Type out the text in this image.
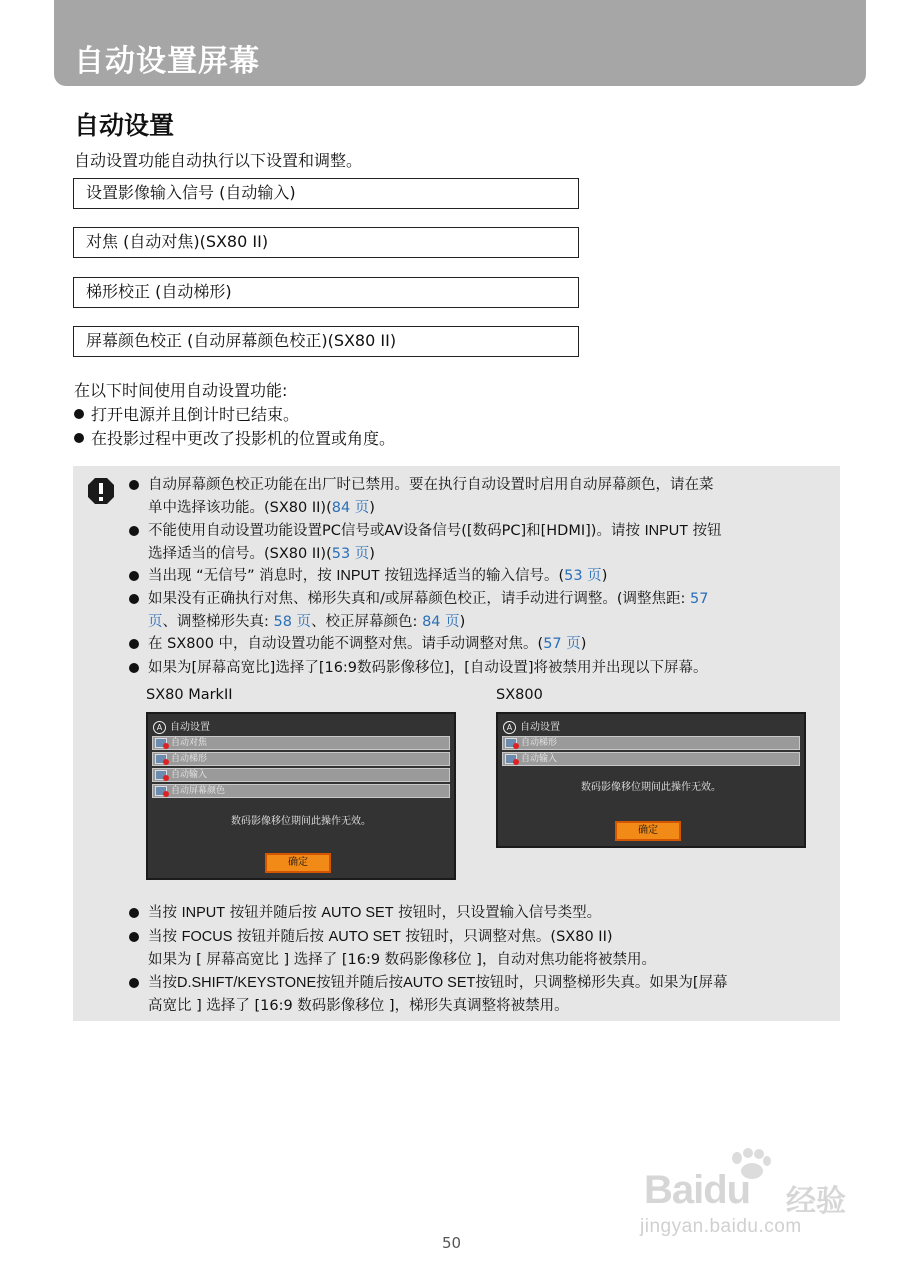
自动设置屏幕
自动设置
自动设置功能自动执行以下设置和调整。
设置影像输入信号 (自动输入)
对焦 (自动对焦)(SX80 II)
梯形校正 (自动梯形)
屏幕颜色校正 (自动屏幕颜色校正)(SX80 II)
在以下时间使用自动设置功能:
打开电源并且倒计时已结束。
在投影过程中更改了投影机的位置或角度。
自动屏幕颜色校正功能在出厂时已禁用。要在执行自动设置时启用自动屏幕颜色，请在菜
单中选择该功能。(SX80 II)(84 页)
不能使用自动设置功能设置PC信号或AV设备信号([数码PC]和[HDMI])。请按 INPUT 按钮
选择适当的信号。(SX80 II)(53 页)
当出现 “无信号” 消息时，按 INPUT 按钮选择适当的输入信号。(53 页)
如果没有正确执行对焦、梯形失真和/或屏幕颜色校正，请手动进行调整。(调整焦距: 57
页、调整梯形失真: 58 页、校正屏幕颜色: 84 页)
在 SX800 中，自动设置功能不调整对焦。请手动调整对焦。(57 页)
如果为[屏幕高宽比]选择了[16:9数码影像移位]，[自动设置]将被禁用并出现以下屏幕。
SX80 MarkII	SX800
A 自动设置
自动对焦
自动梯形
自动输入
自动屏幕颜色
数码影像移位期间此操作无效。
确定
A 自动设置
自动梯形
自动输入
数码影像移位期间此操作无效。
确定
当按 INPUT 按钮并随后按 AUTO SET 按钮时，只设置输入信号类型。
当按 FOCUS 按钮并随后按 AUTO SET 按钮时，只调整对焦。(SX80 II)
如果为 [ 屏幕高宽比 ] 选择了 [16:9 数码影像移位 ]，自动对焦功能将被禁用。
当按D.SHIFT/KEYSTONE按钮并随后按AUTO SET按钮时，只调整梯形失真。如果为[屏幕
高宽比 ] 选择了 [16:9 数码影像移位 ]，梯形失真调整将被禁用。
50
Baidu 经验
jingyan.baidu.com
